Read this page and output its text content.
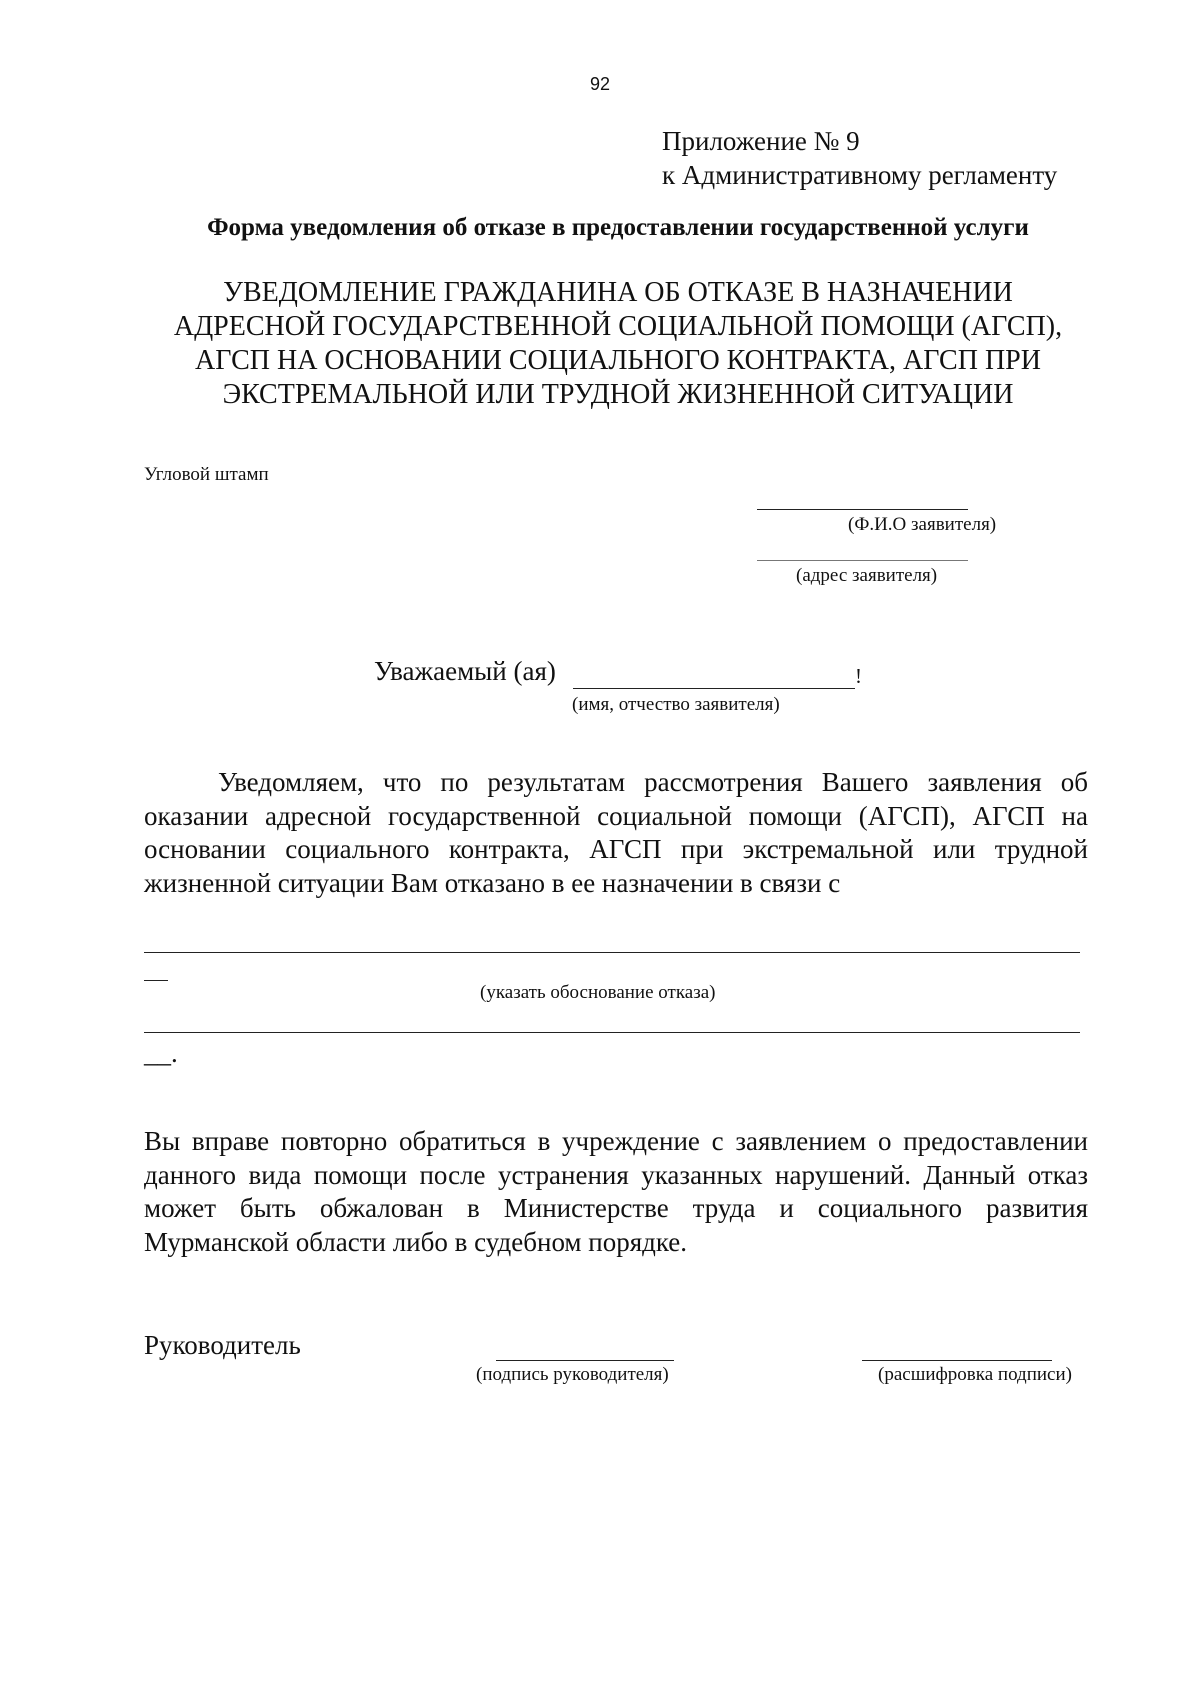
92
Приложение № 9
к Административному регламенту
Форма уведомления об отказе в предоставлении государственной услуги
УВЕДОМЛЕНИЕ ГРАЖДАНИНА ОБ ОТКАЗЕ В НАЗНАЧЕНИИ АДРЕСНОЙ ГОСУДАРСТВЕННОЙ СОЦИАЛЬНОЙ ПОМОЩИ (АГСП), АГСП НА ОСНОВАНИИ СОЦИАЛЬНОГО КОНТРАКТА, АГСП ПРИ ЭКСТРЕМАЛЬНОЙ ИЛИ ТРУДНОЙ ЖИЗНЕННОЙ СИТУАЦИИ
Угловой штамп
(Ф.И.О заявителя)
(адрес заявителя)
Уважаемый (ая)	!
(имя, отчество заявителя)
Уведомляем, что по результатам рассмотрения Вашего заявления об оказании адресной государственной социальной помощи (АГСП), АГСП на основании социального контракта, АГСП при экстремальной или трудной жизненной ситуации Вам отказано в ее назначении в связи с
(указать обоснование отказа)
__.
Вы вправе повторно обратиться в учреждение с заявлением о предоставлении данного вида помощи после устранения указанных нарушений. Данный отказ может быть обжалован в Министерстве труда и социального развития Мурманской области либо в судебном порядке.
Руководитель
(подпись руководителя)	(расшифровка подписи)
